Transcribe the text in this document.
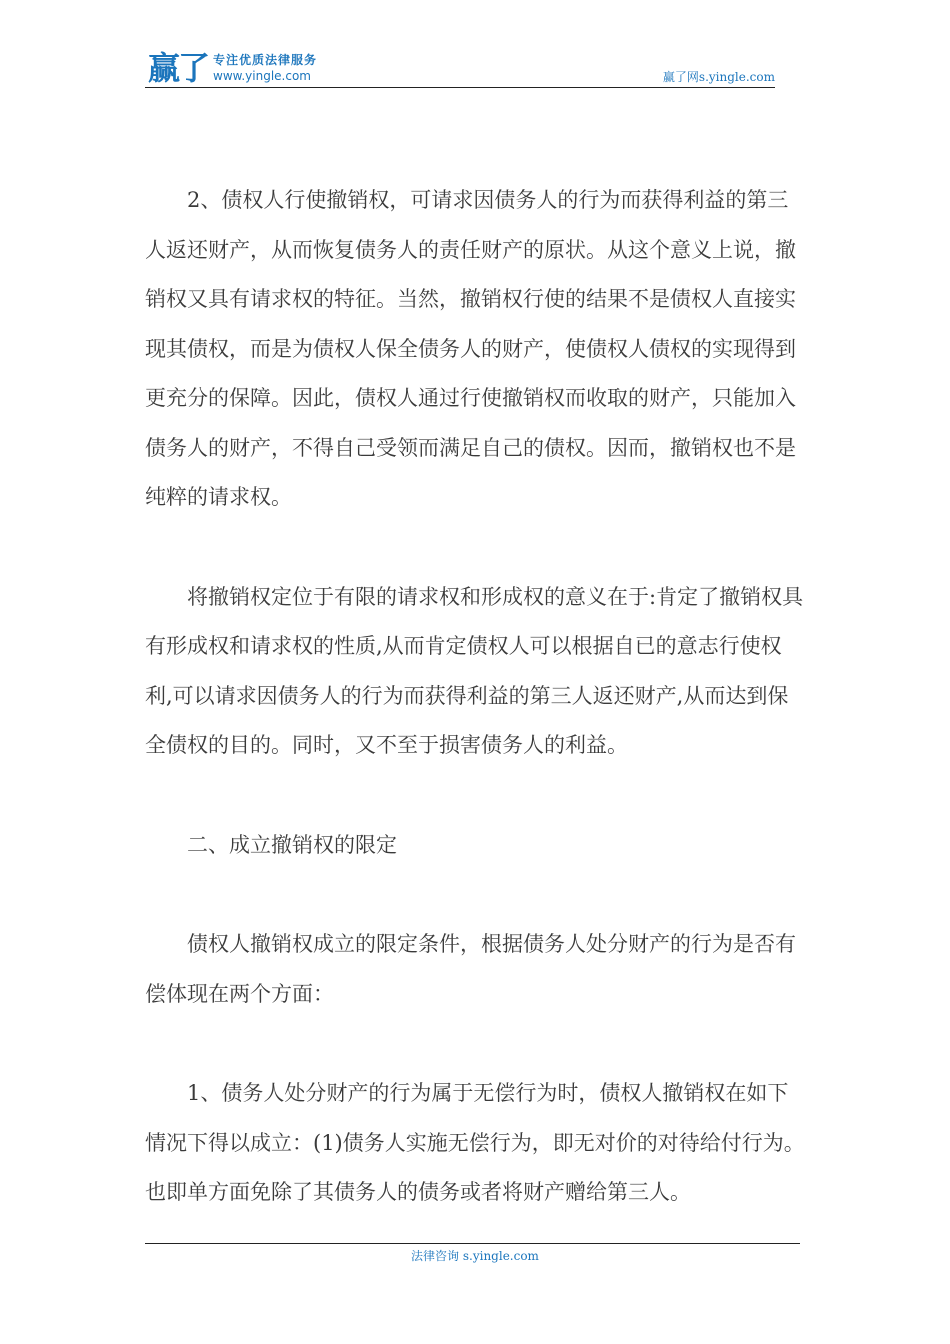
赢了 专注优质法律服务
www.yingle.com	赢了网s.yingle.com

2、债权人行使撤销权，可请求因债务人的行为而获得利益的第三人返还财产，从而恢复债务人的责任财产的原状。从这个意义上说，撤销权又具有请求权的特征。当然，撤销权行使的结果不是债权人直接实现其债权，而是为债权人保全债务人的财产，使债权人债权的实现得到更充分的保障。因此，债权人通过行使撤销权而收取的财产，只能加入债务人的财产，不得自己受领而满足自己的债权。因而，撤销权也不是纯粹的请求权。

将撤销权定位于有限的请求权和形成权的意义在于:肯定了撤销权具有形成权和请求权的性质,从而肯定债权人可以根据自已的意志行使权利,可以请求因债务人的行为而获得利益的第三人返还财产,从而达到保全债权的目的。同时，又不至于损害债务人的利益。

二、成立撤销权的限定

债权人撤销权成立的限定条件，根据债务人处分财产的行为是否有偿体现在两个方面：

1、债务人处分财产的行为属于无偿行为时，债权人撤销权在如下情况下得以成立：(1)债务人实施无偿行为，即无对价的对待给付行为。也即单方面免除了其债务人的债务或者将财产赠给第三人。

法律咨询 s.yingle.com
